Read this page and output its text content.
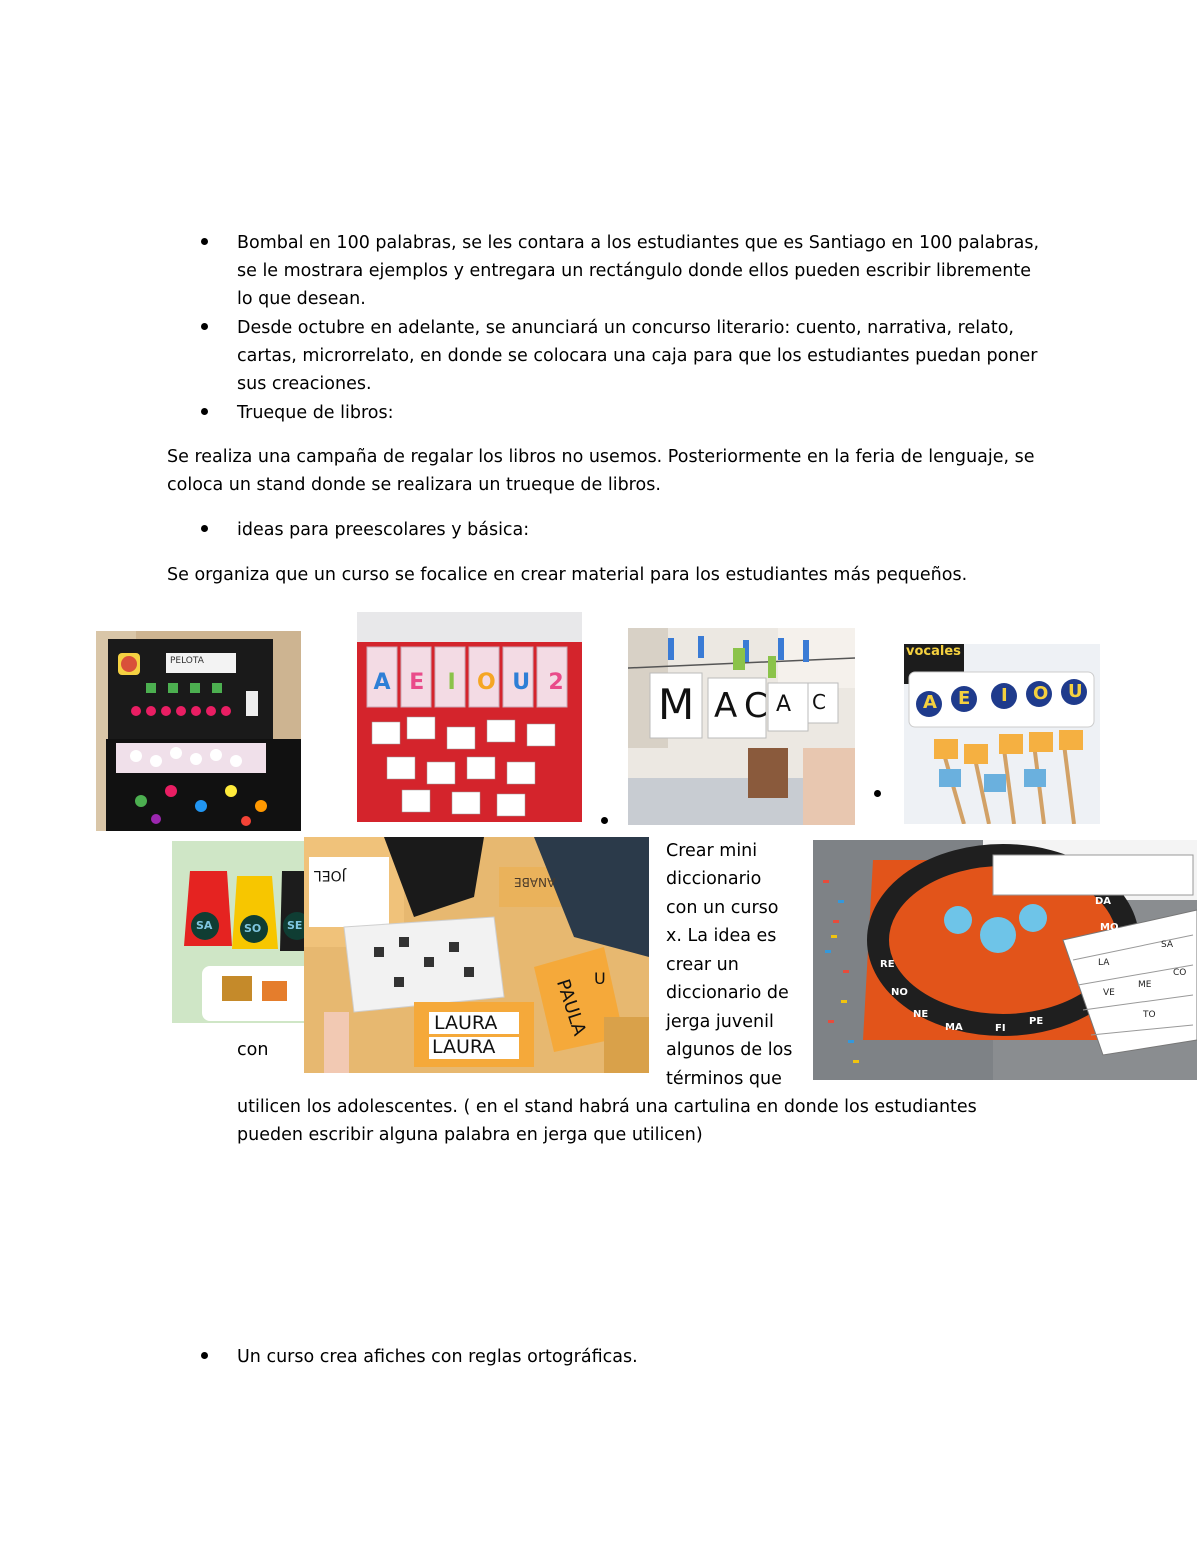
Bombal en 100 palabras, se les contara a los estudiantes que es Santiago en 100 palabras,
se le mostrara ejemplos y entregara un rectángulo donde ellos pueden escribir libremente
lo que desean.
Desde octubre en adelante, se anunciará un concurso literario: cuento, narrativa, relato,
cartas, microrrelato, en donde se colocara una caja para que los estudiantes puedan poner
sus creaciones.
Trueque de libros:
Se realiza una campaña de regalar los libros no usemos. Posteriormente en la feria de lenguaje, se
coloca un stand donde se realizara un trueque de libros.
ideas para preescolares y básica:
Se organiza que un curso se focalice en crear material para los estudiantes más pequeños.
PELOTA
A E	I O U 2 M A C A C
vocales
A E I O U
SA	SO SE
LAURA
LAURA
PAULA U
JOEL	ANABE
Crear mini
diccionario
con un curso
x. La idea es
crear un
diccionario de
jerga juvenil
algunos de los
términos que
con
MO
DA
RE
NO
NE
MA	FI
PE
LA
VE
ME
TO
SA
CO
utilicen los adolescentes. ( en el stand habrá una cartulina en donde los estudiantes
pueden escribir alguna palabra en jerga que utilicen)
Un curso crea afiches con reglas ortográficas.
